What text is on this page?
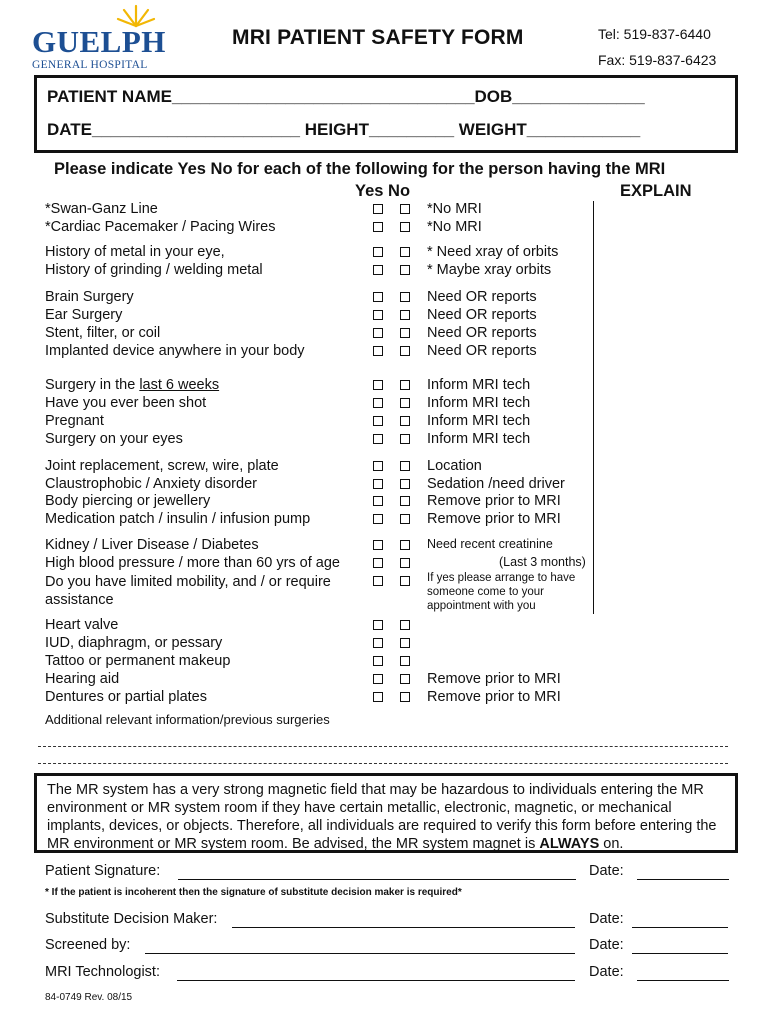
GUELPH
GENERAL HOSPITAL
MRI PATIENT SAFETY FORM	Tel: 519-837-6440
Fax: 519-837-6423
PATIENT NAME________________________________DOB______________
DATE______________________ HEIGHT_________ WEIGHT____________
Please indicate Yes No for each of the following for the person having the MRI
Yes No	EXPLAIN
*Swan-Ganz Line	*No MRI
*Cardiac Pacemaker / Pacing Wires	*No MRI
History of metal in your eye,	* Need xray of orbits
History of grinding / welding metal	* Maybe xray orbits
Brain Surgery	Need OR reports
Ear Surgery	Need OR reports
Stent, filter, or coil	Need OR reports
Implanted device anywhere in your body	Need OR reports
Surgery in the last 6 weeks	Inform MRI tech
Have you ever been shot	Inform MRI tech
Pregnant	Inform MRI tech
Surgery on your eyes	Inform MRI tech
Joint replacement, screw, wire, plate	Location
Claustrophobic / Anxiety disorder	Sedation /need driver
Body piercing or jewellery	Remove prior to MRI
Medication patch / insulin / infusion pump	Remove prior to MRI
Kidney / Liver Disease / Diabetes	Need recent creatinine
High blood pressure / more than 60 yrs of age	(Last 3 months)
Do you have limited mobility, and / or require
assistance
If yes please arrange to have someone come to your appointment with you
Heart valve
IUD, diaphragm, or pessary
Tattoo or permanent makeup
Hearing aid	Remove prior to MRI
Dentures or partial plates	Remove prior to MRI
Additional relevant information/previous surgeries
The MR system has a very strong magnetic field that may be hazardous to individuals entering the MR environment or MR system room if they have certain metallic, electronic, magnetic, or mechanical implants, devices, or objects. Therefore, all individuals are required to verify this form before entering the MR environment or MR system room. Be advised, the MR system magnet is ALWAYS on.
Patient Signature:	Date:
* If the patient is incoherent then the signature of substitute decision maker is required*
Substitute Decision Maker:	Date:
Screened by:	Date:
MRI Technologist:	Date:
84-0749 Rev. 08/15
